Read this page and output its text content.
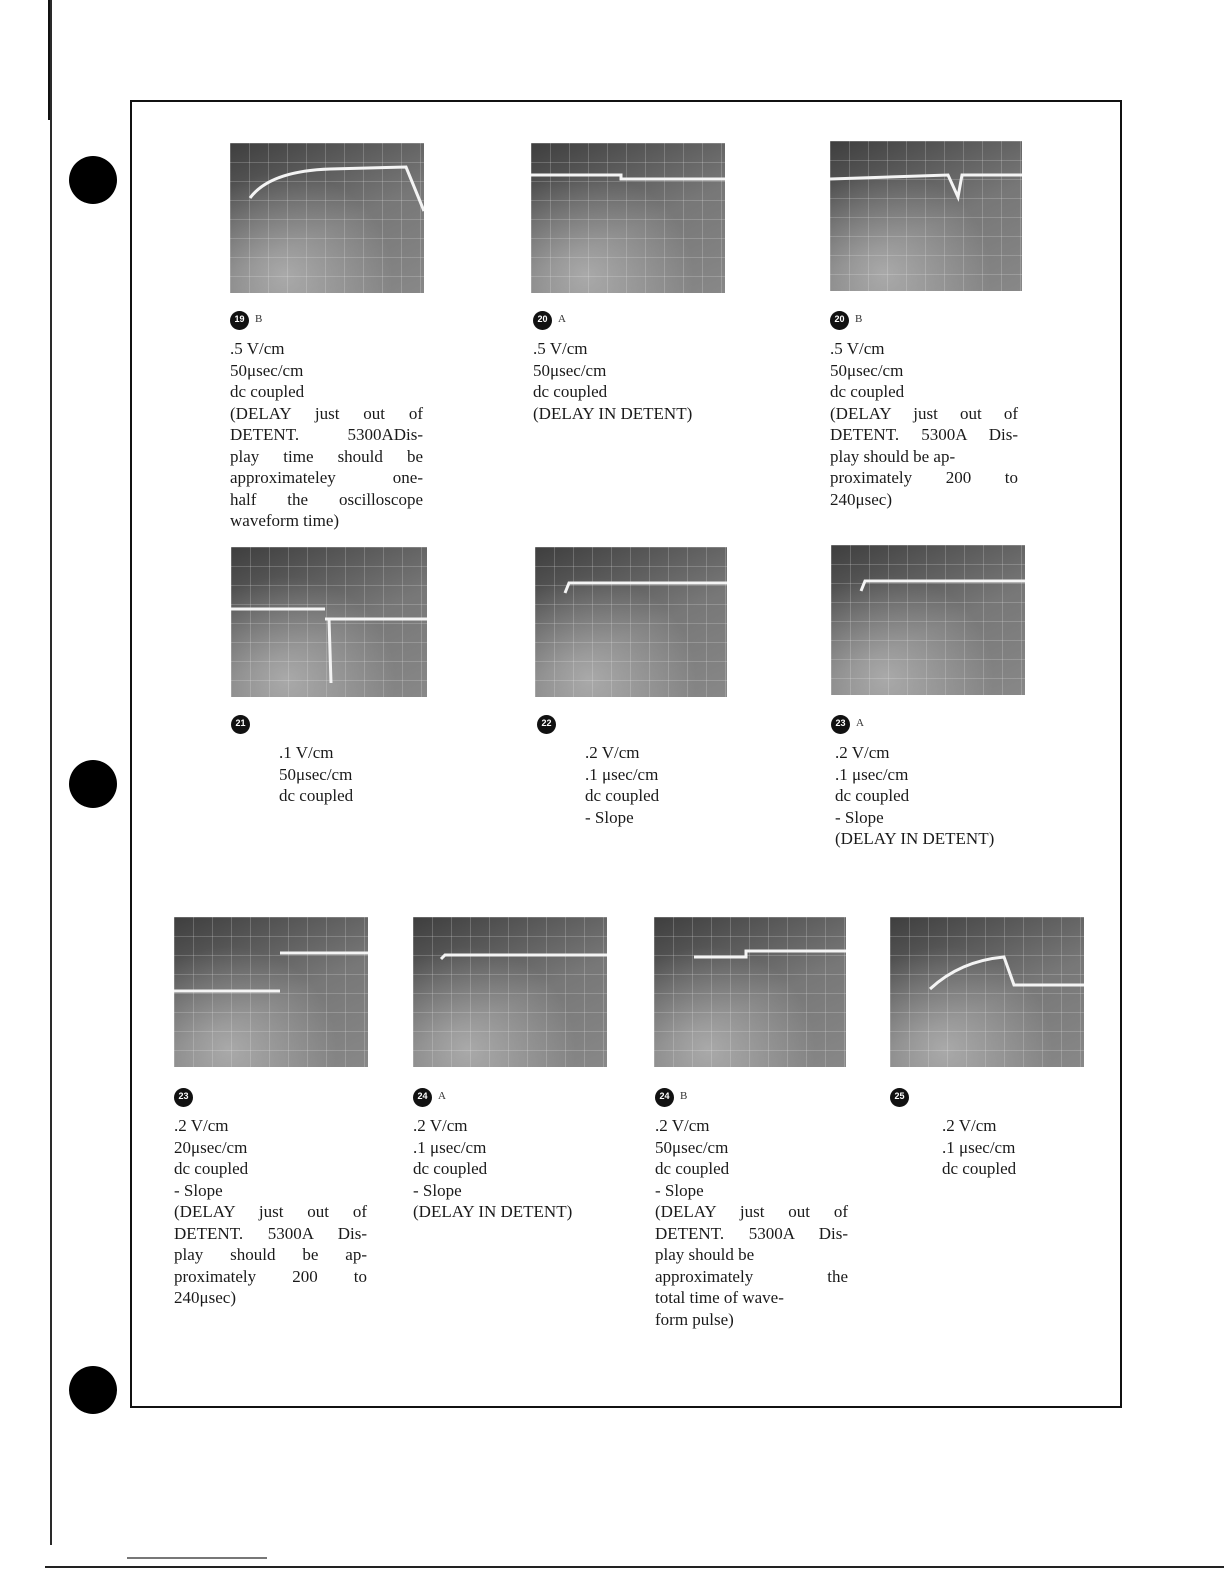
19 B
.5 V/cm
50μsec/cm
dc coupled
(DELAY just out of
DETENT. 5300ADis-
play time should be
approximateley one-
half the oscilloscope
waveform time)
20 A
.5 V/cm
50μsec/cm
dc coupled
(DELAY IN DETENT)
20 B
.5 V/cm
50μsec/cm
dc coupled
(DELAY just out of
DETENT. 5300A Dis-
play should be ap-
proximately 200 to
240μsec)
21
.1 V/cm
50μsec/cm
dc coupled
22
.2 V/cm
.1 μsec/cm
dc coupled
- Slope
23 A
.2 V/cm
.1 μsec/cm
dc coupled
- Slope
(DELAY IN DETENT)
23
.2 V/cm
20μsec/cm
dc coupled
- Slope
(DELAY just out of
DETENT. 5300A Dis-
play should be ap-
proximately 200 to
240μsec)
24 A
.2 V/cm
.1 μsec/cm
dc coupled
- Slope
(DELAY IN DETENT)
24 B
.2 V/cm
50μsec/cm
dc coupled
- Slope
(DELAY just out of
DETENT. 5300A Dis-
play should be
approximately the
total time of wave-
form pulse)
25
.2 V/cm
.1 μsec/cm
dc coupled
